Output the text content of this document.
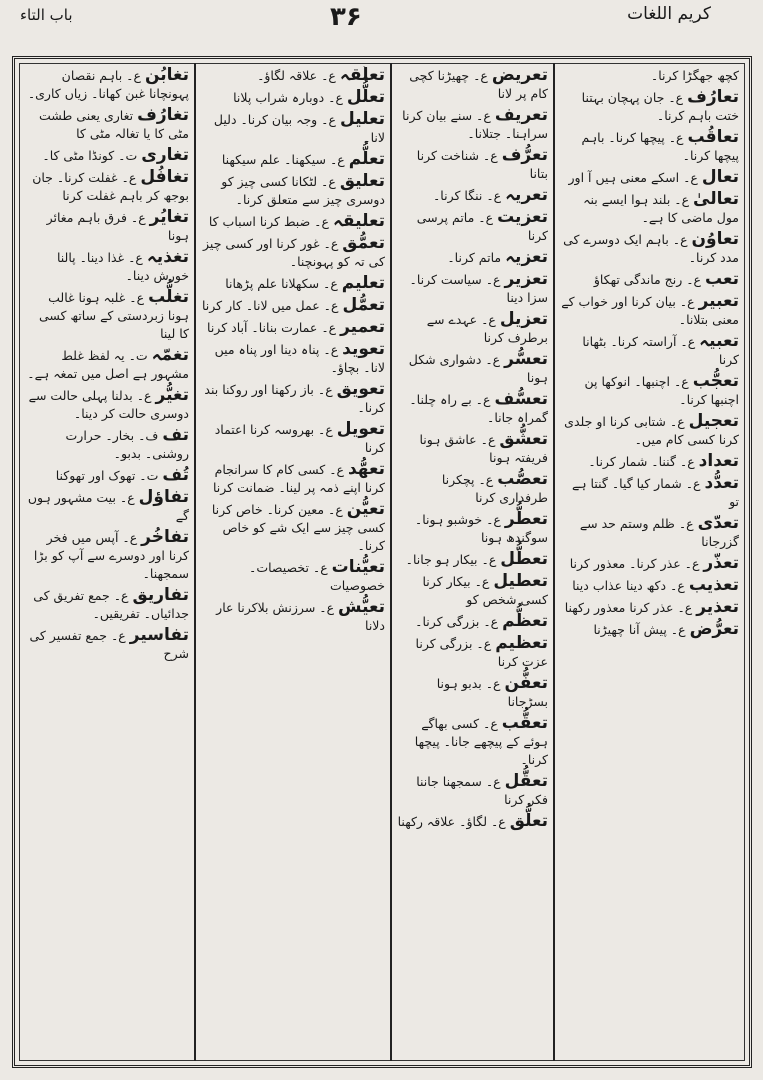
باب التاء	۳۶	کریم اللغات
کچھ جھگڑا کرنا۔
تعارُف ع۔ جان پہچان بہتنا ختت باہم کرنا۔
تعاقُب ع۔ پیچھا کرنا۔ باہم پیچھا کرنا۔
تعال ع۔ اسکے معنی ہیں آ اور
تعالیٰ ع۔ بلند ہوا ایسے بنہ مول ماضی کا ہے۔
تعاوُن ع۔ باہم ایک دوسرے کی مدد کرنا۔
تعب ع۔ رنج ماندگی تھکاؤ
تعبیر ع۔ بیان کرنا اور خواب کے معنی بتلانا۔
تعبیہ ع۔ آراستہ کرنا۔ بٹھانا کرنا
تعجُّب ع۔ اچنبھا۔ انوکھا پن اچنبھا کرنا۔
تعجیل ع۔ شتابی کرنا او جلدی کرنا کسی کام میں۔
تعداد ع۔ گننا۔ شمار کرنا۔
تعدُّد ع۔ شمار کیا گیا۔ گنتا ہے تو
تعدّی ع۔ ظلم وستم حد سے گزرجانا
تعذّر ع۔ عذر کرنا۔ معذور کرنا
تعذیب ع۔ دکھ دینا عذاب دینا
تعذیر ع۔ عذر کرنا معذور رکھنا
تعرُّض ع۔ پیش آنا چھیڑنا
تعریض ع۔ چھیڑنا کچی کام پر لانا
تعریف ع۔ سنے بیان کرنا سراہنا۔ جتلانا۔
تعرُّف ع۔ شناخت کرنا بتانا
تعریہ ع۔ ننگا کرنا۔
تعزیت ع۔ ماتم پرسی کرنا
تعزیہ ماتم کرنا۔
تعزیر ع۔ سیاست کرنا۔ سزا دینا
تعزیل ع۔ عہدے سے برطرف کرنا
تعسُّر ع۔ دشواری شکل ہونا
تعسُّف ع۔ بے راہ چلنا۔ گمراہ جانا۔
تعشُّق ع۔ عاشق ہونا فریفتہ ہونا
تعصُّب ع۔ پچکرنا طرفداری کرنا
تعطُّر ع۔ خوشبو ہونا۔ سوگندھ ہونا
تعطُّل ع۔ بیکار ہو جانا۔
تعطیل ع۔ بیکار کرنا کسی شخص کو
تعظُّم ع۔ بزرگی کرنا۔
تعظیم ع۔ بزرگی کرنا عزت کرنا
تعفُّن ع۔ بدبو ہونا بسڑجانا
تعقُّب ع۔ کسی بھاگے ہوئے کے پیچھے جانا۔ پیچھا کرنا۔
تعقُّل ع۔ سمجھنا جاننا فکر کرنا
تعلُّق ع۔ لگاؤ۔ علاقہ رکھنا
تعلُّقہ ع۔ علاقہ لگاؤ۔
تعلُّل ع۔ دوبارہ شراب پلانا
تعلیل ع۔ وجہ بیان کرنا۔ دلیل لانا۔
تعلُّم ع۔ سیکھنا۔ علم سیکھنا
تعلیق ع۔ لٹکانا کسی چیز کو دوسری چیز سے متعلق کرنا۔
تعلیقہ ع۔ ضبط کرنا اسباب کا
تعمُّق ع۔ غور کرنا اور کسی چیز کی تہ کو پہونچنا۔
تعلیم ع۔ سکھلانا علم پڑھانا
تعمُّل ع۔ عمل میں لانا۔ کار کرنا
تعمیر ع۔ عمارت بنانا۔ آباد کرنا
تعوید ع۔ پناہ دینا اور پناہ میں لانا۔ بچاؤ۔
تعویق ع۔ باز رکھنا اور روکنا بند کرنا۔
تعویل ع۔ بھروسہ کرنا اعتماد کرنا
تعهُّد ع۔ کسی کام کا سرانجام کرنا اپنے ذمہ پر لینا۔ ضمانت کرنا
تعیُّن ع۔ معین کرنا۔ خاص کرنا کسی چیز سے ایک شے کو خاص کرنا۔
تعیُّنات ع۔ تخصیصات۔ خصوصیات
تعیُّش ع۔ سرزنش بلاکرنا عار دلانا
تغابُن ع۔ باہم نقصان پہونچانا غبن کھانا۔ زیاں کاری۔
تغارُف تغاری یعنی طشت مٹی کا یا تغالہ مٹی کا
تغاری ت۔ کونڈا مٹی کا۔
تغافُل ع۔ غفلت کرنا۔ جان بوجھ کر باہم غفلت کرنا
تغایُر ع۔ فرق باہم مغائر ہونا
تغذیہ ع۔ غذا دینا۔ پالنا خورش دینا۔
تغلُّب ع۔ غلبہ ہونا غالب ہونا زبردستی کے ساتھ کسی کا لینا
تغمّہ ت۔ یہ لفظ غلط مشہور ہے اصل میں تمغہ ہے۔
تغیُّر ع۔ بدلنا پہلی حالت سے دوسری حالت کر دینا۔
تف ف۔ بخار۔ حرارت روشنی۔ بدبو۔
تُف ت۔ تھوک اور تھوکنا
تفاؤل ع۔ بیت مشہور ہوں گے
تفاخُر ع۔ آپس میں فخر کرنا اور دوسرے سے آپ کو بڑا سمجھنا۔
تفاریق ع۔ جمع تفریق کی جدائیاں۔ تفریقیں۔
تفاسیر ع۔ جمع تفسیر کی شرح
